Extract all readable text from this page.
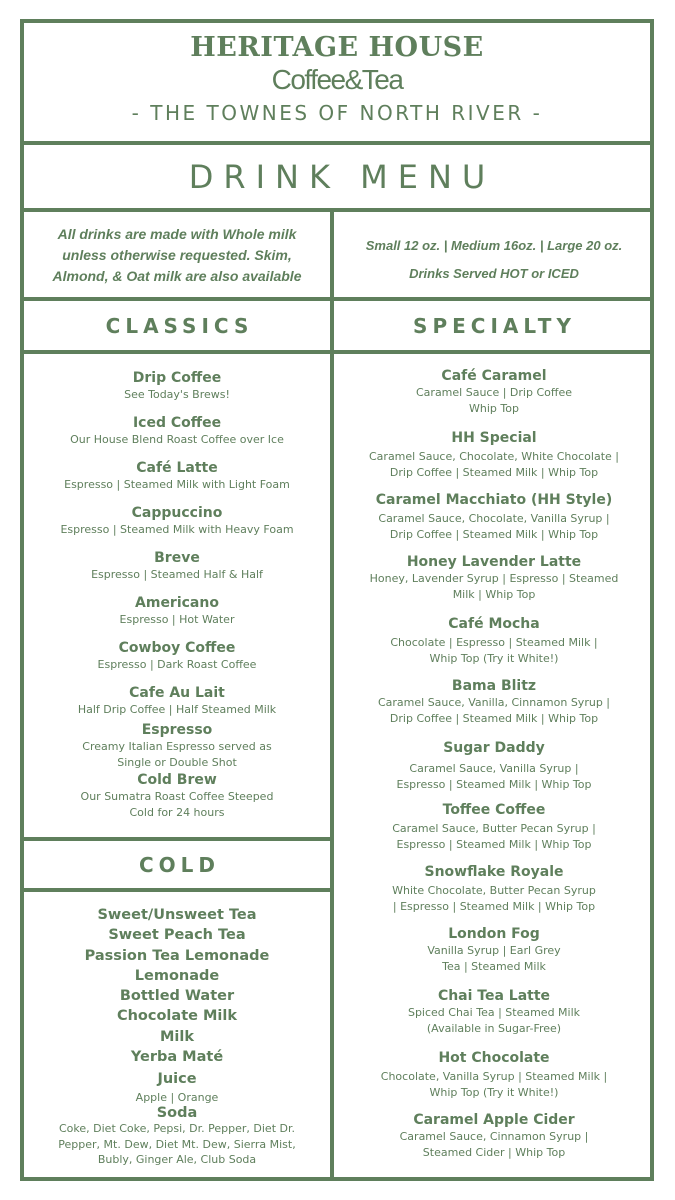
HERITAGE HOUSE
Coffee&Tea
- THE TOWNES OF NORTH RIVER -
DRINK MENU
All drinks are made with Whole milk
unless otherwise requested. Skim,
Almond, & Oat milk are also available
Small 12 oz. | Medium 16oz. | Large 20 oz.
Drinks Served HOT or ICED
CLASSICS	SPECIALTY
COLD
Drip Coffee
See Today's Brews!
Iced Coffee
Our House Blend Roast Coffee over Ice
Café Latte
Espresso | Steamed Milk with Light Foam
Cappuccino
Espresso | Steamed Milk with Heavy Foam
Breve
Espresso | Steamed Half & Half
Americano
Espresso | Hot Water
Cowboy Coffee
Espresso | Dark Roast Coffee
Cafe Au Lait
Half Drip Coffee | Half Steamed Milk
Espresso
Creamy Italian Espresso served as
Single or Double Shot
Cold Brew
Our Sumatra Roast Coffee Steeped
Cold for 24 hours
Café Caramel
Caramel Sauce | Drip Coffee
Whip Top
HH Special
Caramel Sauce, Chocolate, White Chocolate |
Drip Coffee | Steamed Milk | Whip Top
Caramel Macchiato (HH Style)
Caramel Sauce, Chocolate, Vanilla Syrup |
Drip Coffee | Steamed Milk | Whip Top
Honey Lavender Latte
Honey, Lavender Syrup | Espresso | Steamed
Milk | Whip Top
Café Mocha
Chocolate | Espresso | Steamed Milk |
Whip Top (Try it White!)
Bama Blitz
Caramel Sauce, Vanilla, Cinnamon Syrup |
Drip Coffee | Steamed Milk | Whip Top
Sugar Daddy
Caramel Sauce, Vanilla Syrup |
Espresso | Steamed Milk | Whip Top
Toffee Coffee
Caramel Sauce, Butter Pecan Syrup |
Espresso | Steamed Milk | Whip Top
Snowflake Royale
White Chocolate, Butter Pecan Syrup
| Espresso | Steamed Milk | Whip Top
London Fog
Vanilla Syrup | Earl Grey
Tea | Steamed Milk
Chai Tea Latte
Spiced Chai Tea | Steamed Milk
(Available in Sugar-Free)
Hot Chocolate
Chocolate, Vanilla Syrup | Steamed Milk |
Whip Top (Try it White!)
Caramel Apple Cider
Caramel Sauce, Cinnamon Syrup |
Steamed Cider | Whip Top
Sweet/Unsweet Tea
Sweet Peach Tea
Passion Tea Lemonade
Lemonade
Bottled Water
Chocolate Milk
Milk
Yerba Maté
Juice
Apple | Orange
Soda
Coke, Diet Coke, Pepsi, Dr. Pepper, Diet Dr.
Pepper, Mt. Dew, Diet Mt. Dew, Sierra Mist,
Bubly, Ginger Ale, Club Soda
